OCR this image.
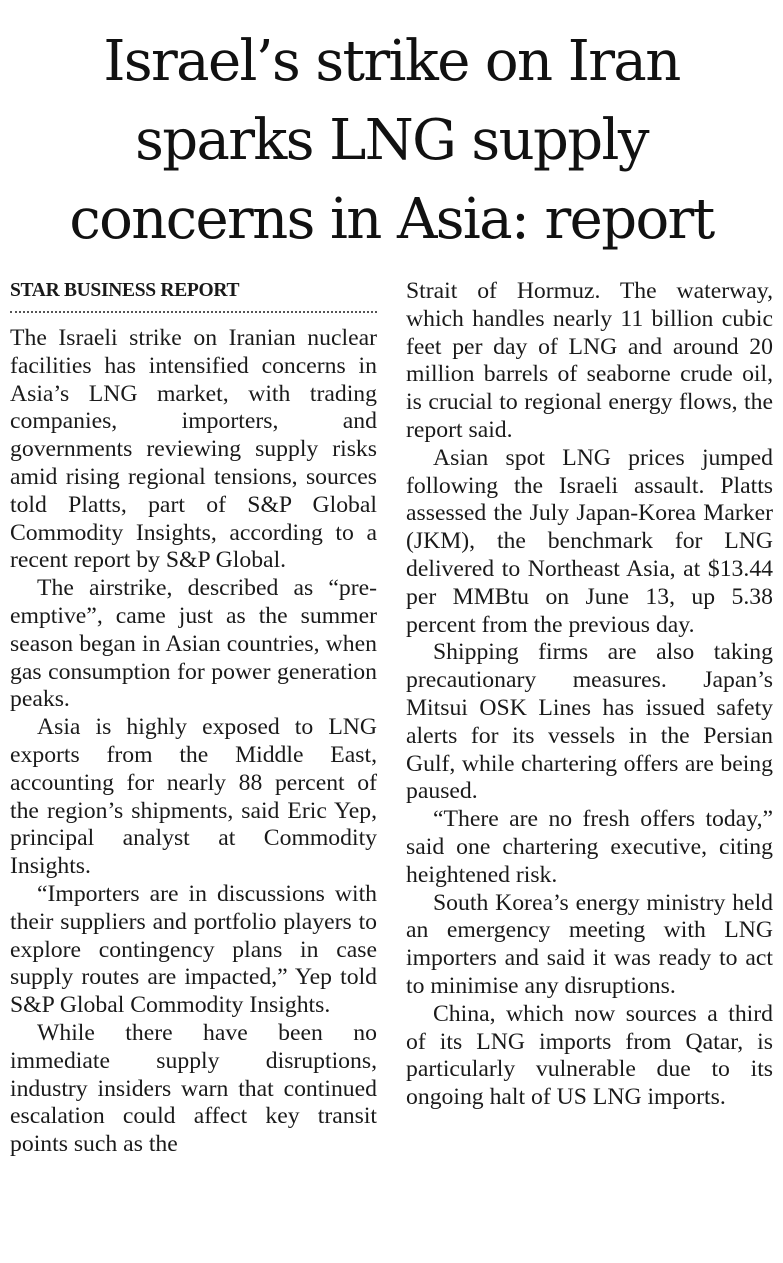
Israel’s strike on Iran
sparks LNG supply
concerns in Asia: report
STAR BUSINESS REPORT

The Israeli strike on Iranian nuclear facilities has intensified concerns in Asia’s LNG market, with trading companies, importers, and governments reviewing supply risks amid rising regional tensions, sources told Platts, part of S&P Global Commodity Insights, according to a recent report by S&P Global.

The airstrike, described as “pre-emptive”, came just as the summer season began in Asian countries, when gas consumption for power generation peaks.

Asia is highly exposed to LNG exports from the Middle East, accounting for nearly 88 percent of the region’s shipments, said Eric Yep, principal analyst at Commodity Insights.

“Importers are in discussions with their suppliers and portfolio players to explore contingency plans in case supply routes are impacted,” Yep told S&P Global Commodity Insights.

While there have been no immediate supply disruptions, industry insiders warn that continued escalation could affect key transit points such as the

Strait of Hormuz. The waterway, which handles nearly 11 billion cubic feet per day of LNG and around 20 million barrels of seaborne crude oil, is crucial to regional energy flows, the report said.

Asian spot LNG prices jumped following the Israeli assault. Platts assessed the July Japan-Korea Marker (JKM), the benchmark for LNG delivered to Northeast Asia, at $13.44 per MMBtu on June 13, up 5.38 percent from the previous day.

Shipping firms are also taking precautionary measures. Japan’s Mitsui OSK Lines has issued safety alerts for its vessels in the Persian Gulf, while chartering offers are being paused.

“There are no fresh offers today,” said one chartering executive, citing heightened risk.

South Korea’s energy ministry held an emergency meeting with LNG importers and said it was ready to act to minimise any disruptions.

China, which now sources a third of its LNG imports from Qatar, is particularly vulnerable due to its ongoing halt of US LNG imports.
